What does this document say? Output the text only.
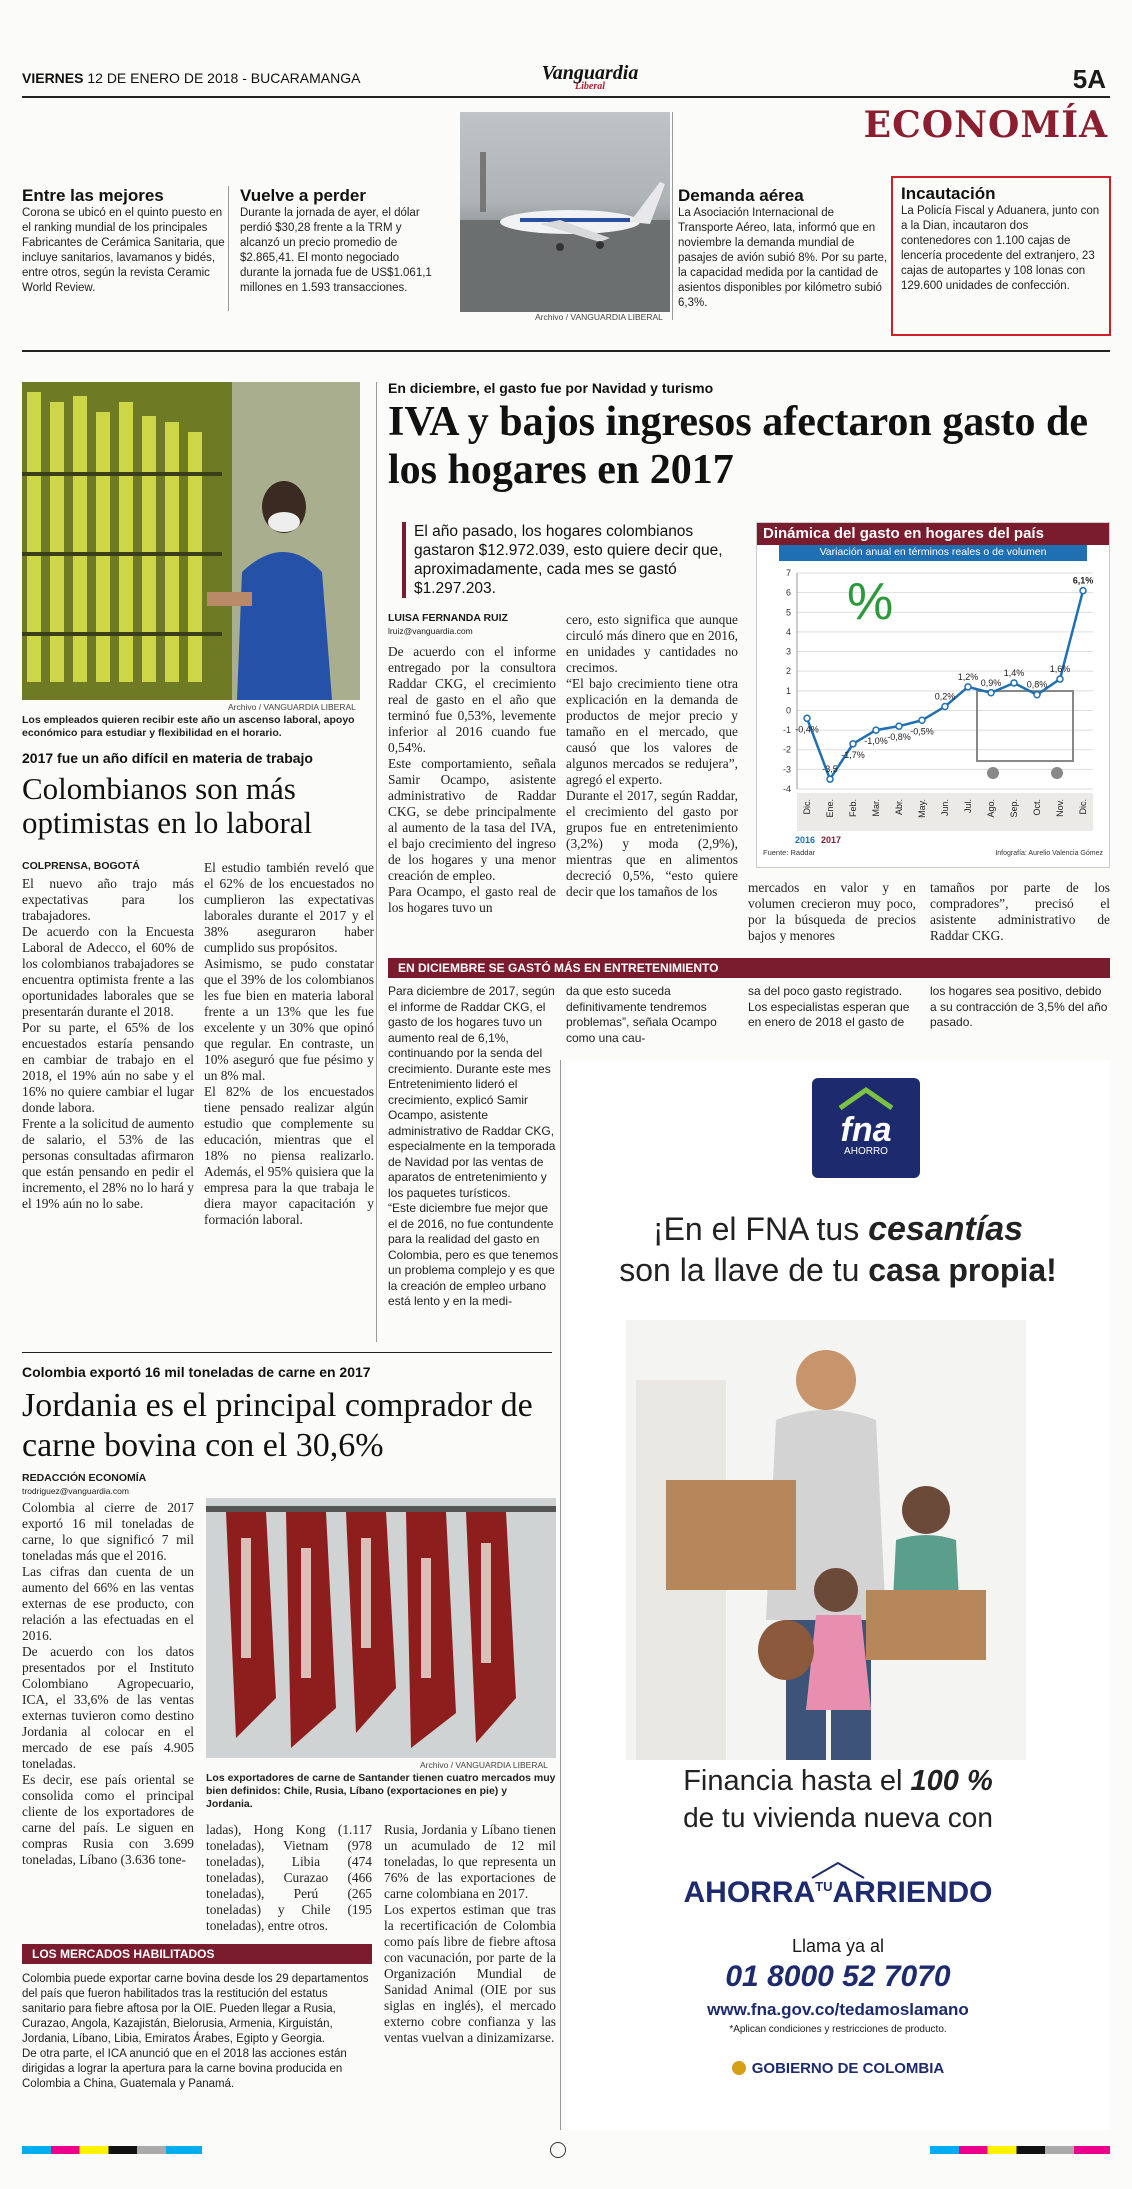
VIERNES 12 DE ENERO DE 2018 - BUCARAMANGA	Vanguardia
Liberal	5A
ECONOMÍA
Entre las mejores
Corona se ubicó en el quinto puesto en el ranking mundial de los principales Fabricantes de Cerámica Sanitaria, que incluye sanitarios, lavamanos y bidés, entre otros, según la revista Ceramic World Review.
Vuelve a perder
Durante la jornada de ayer, el dólar perdió $30,28 frente a la TRM y alcanzó un precio promedio de $2.865,41. El monto negociado durante la jornada fue de US$1.061,1 millones en 1.593 transacciones.
Archivo / VANGUARDIA LIBERAL
Demanda aérea
La Asociación Internacional de Transporte Aéreo, Iata, informó que en noviembre la demanda mundial de pasajes de avión subió 8%. Por su parte, la capacidad medida por la cantidad de asientos disponibles por kilómetro subió 6,3%.
Incautación
La Policía Fiscal y Aduanera, junto con a la Dian, incautaron dos contenedores con 1.100 cajas de lencería procedente del extranjero, 23 cajas de autopartes y 108 lonas con 129.600 unidades de confección.
Archivo / VANGUARDIA LIBERAL
Los empleados quieren recibir este año un ascenso laboral, apoyo económico para estudiar y flexibilidad en el horario.
2017 fue un año difícil en materia de trabajo
Colombianos son más optimistas en lo laboral
COLPRENSA, BOGOTÁ
El nuevo año trajo más expectativas para los trabajadores.
De acuerdo con la Encuesta Laboral de Adecco, el 60% de los colombianos trabajadores se encuentra optimista frente a las oportunidades laborales que se presentarán durante el 2018.
Por su parte, el 65% de los encuestados estaría pensando en cambiar de trabajo en el 2018, el 19% aún no sabe y el 16% no quiere cambiar el lugar donde labora.
Frente a la solicitud de aumento de salario, el 53% de las personas consultadas afirmaron que están pensando en pedir el incremento, el 28% no lo hará y el 19% aún no lo sabe.
El estudio también reveló que el 62% de los encuestados no cumplieron las expectativas laborales durante el 2017 y el 38% aseguraron haber cumplido sus propósitos.
Asimismo, se pudo constatar que el 39% de los colombianos les fue bien en materia laboral frente a un 13% que les fue excelente y un 30% que opinó que regular. En contraste, un 10% aseguró que fue pésimo y un 8% mal.
El 82% de los encuestados tiene pensado realizar algún estudio que complemente su educación, mientras que el 18% no piensa realizarlo. Además, el 95% quisiera que la empresa para la que trabaja le diera mayor capacitación y formación laboral.
En diciembre, el gasto fue por Navidad y turismo
IVA y bajos ingresos afectaron gasto de los hogares en 2017
El año pasado, los hogares colombianos gastaron $12.972.039, esto quiere decir que, aproximadamente, cada mes se gastó $1.297.203.
LUISA FERNANDA RUIZ
lruiz@vanguardia.com
De acuerdo con el informe entregado por la consultora Raddar CKG, el crecimiento real de gasto en el año que terminó fue 0,53%, levemente inferior al 2016 cuando fue 0,54%.
Este comportamiento, señala Samir Ocampo, asistente administrativo de Raddar CKG, se debe principalmente al aumento de la tasa del IVA, el bajo crecimiento del ingreso de los hogares y una menor creación de empleo.
Para Ocampo, el gasto real de los hogares tuvo un
cero, esto significa que aunque circuló más dinero que en 2016, en unidades y cantidades no crecimos.
“El bajo crecimiento tiene otra explicación en la demanda de productos de mejor precio y tamaño en el mercado, que causó que los valores de algunos mercados se redujera”, agregó el experto.
Durante el 2017, según Raddar, el crecimiento del gasto por grupos fue en entretenimiento (3,2%) y moda (2,9%), mientras que en alimentos decreció 0,5%, “esto quiere decir que los tamaños de los	mercados en valor y en volumen crecieron muy poco, por la búsqueda de precios bajos y menores
tamaños por parte de los compradores”, precisó el asistente administrativo de Raddar CKG.
Dinámica del gasto en hogares del país
Variación anual en términos reales o de volumen
7
6
5
4
3
2
1
0
-1
-2
-3
-4
%
-0,4%
-3,5
-1,7%
-1,0% -0,8%
-0,5%
0,2%
1,2%
0,9%
1,4%
0,8%
1,6%
6,1%
Dic. Ene. Feb. Mar. Abr. May. Jun. Jul. Ago. Sep. Oct. Nov. Dic.
2016 2017
Fuente: Raddar	Infografía: Aurelio Valencia Gómez
EN DICIEMBRE SE GASTÓ MÁS EN ENTRETENIMIENTO
Para diciembre de 2017, según el informe de Raddar CKG, el gasto de los hogares tuvo un aumento real de 6,1%, continuando por la senda del crecimiento. Durante este mes Entretenimiento lideró el crecimiento, explicó Samir Ocampo, asistente administrativo de Raddar CKG, especialmente en la temporada de Navidad por las ventas de aparatos de entretenimiento y los paquetes turísticos.
“Este diciembre fue mejor que el de 2016, no fue contundente para la realidad del gasto en Colombia, pero es que tenemos un problema complejo y es que la creación de empleo urbano está lento y en la medi-
da que esto suceda definitivamente tendremos problemas”, señala Ocampo como una cau-
sa del poco gasto registrado. Los especialistas esperan que en enero de 2018 el gasto de
los hogares sea positivo, debido a su contracción de 3,5% del año pasado.
fna
AHORRO
¡En el FNA tus cesantías
son la llave de tu casa propia!
Financia hasta el 100 %
de tu vivienda nueva con
$AHORRA^{TU}ARRIENDO$
Llama ya al
01 8000 52 7070
www.fna.gov.co/tedamoslamano
*Aplican condiciones y restricciones de producto.
GOBIERNO DE COLOMBIA
Colombia exportó 16 mil toneladas de carne en 2017
Jordania es el principal comprador de carne bovina con el 30,6%
REDACCIÓN ECONOMÍA
trodriguez@vanguardia.com
Colombia al cierre de 2017 exportó 16 mil toneladas de carne, lo que significó 7 mil toneladas más que el 2016.
Las cifras dan cuenta de un aumento del 66% en las ventas externas de ese producto, con relación a las efectuadas en el 2016.
De acuerdo con los datos presentados por el Instituto Colombiano Agropecuario, ICA, el 33,6% de las ventas externas tuvieron como destino Jordania al colocar en el mercado de ese país 4.905 toneladas.
Es decir, ese país oriental se consolida como el principal cliente de los exportadores de carne del país. Le siguen en compras Rusia con 3.699 toneladas, Líbano (3.636 tone-
Archivo / VANGUARDIA LIBERAL
Los exportadores de carne de Santander tienen cuatro mercados muy bien definidos: Chile, Rusia, Líbano (exportaciones en pie) y Jordania.
ladas), Hong Kong (1.117 toneladas), Vietnam (978 toneladas), Libia (474 toneladas), Curazao (466 toneladas), Perú (265 toneladas) y Chile (195 toneladas), entre otros.
Rusia, Jordania y Líbano tienen un acumulado de 12 mil toneladas, lo que representa un 76% de las exportaciones de carne colombiana en 2017.
Los expertos estiman que tras la recertificación de Colombia como país libre de fiebre aftosa con vacunación, por parte de la Organización Mundial de Sanidad Animal (OIE por sus siglas en inglés), el mercado externo cobre confianza y las ventas vuelvan a dinizamizarse.
LOS MERCADOS HABILITADOS
Colombia puede exportar carne bovina desde los 29 departamentos del país que fueron habilitados tras la restitución del estatus sanitario para fiebre aftosa por la OIE. Pueden llegar a Rusia, Curazao, Angola, Kazajistán, Bielorusia, Armenia, Kirguistán, Jordania, Líbano, Libia, Emiratos Árabes, Egipto y Georgia.
De otra parte, el ICA anunció que en el 2018 las acciones están dirigidas a lograr la apertura para la carne bovina producida en Colombia a China, Guatemala y Panamá.
